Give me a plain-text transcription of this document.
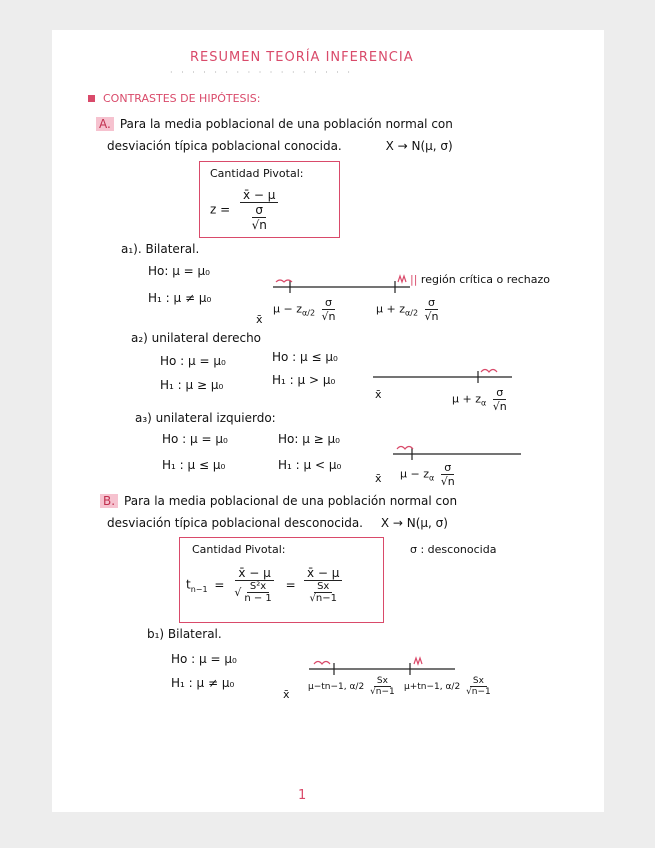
RESUMEN TEORÍA INFERENCIA
· · · · · · · · · · · · · · · · ·
CONTRASTES DE HIPÓTESIS:
A. Para la media poblacional de una población normal con
desviación típica poblacional conocida.	X → N(μ, σ)
Cantidad Pivotal:
$z = \frac{x̄ - \mu}{\frac{\sigma}{√n}}$
a₁). Bilateral.
Ho: μ = μ₀
H₁ : μ ≠ μ₀
|| región crítica o rechazo
$\mu - z_{\alpha/2} \frac{\sigma}{√n}$	$\mu + z_{\alpha/2} \frac{\sigma}{√n}$
x̄
a₂) unilateral derecho
Ho : μ = μ₀
H₁ : μ ≥ μ₀
Ho : μ ≤ μ₀
H₁ : μ > μ₀
x̄	$\mu + z_\alpha \frac{\sigma}{√n}$
a₃) unilateral izquierdo:
Ho : μ = μ₀
H₁ : μ ≤ μ₀
Ho: μ ≥ μ₀
H₁ : μ < μ₀
x̄ $\mu - z_\alpha \frac{\sigma}{√n}$
B. Para la media poblacional de una población normal con
desviación típica poblacional desconocida. X → N(μ, σ)
Cantidad Pivotal:
$t_{n-1} = \frac{x̄ - \mu}{√ \frac{\text{S²x}}{n - 1}} = \frac{x̄ - \mu}{\frac{Sx}{√n-1}}$
σ : desconocida
b₁) Bilateral.
Ho : μ = μ₀
H₁ : μ ≠ μ₀
x̄
μ−tn−1, $\alpha/2 \frac{Sx}{√n-1} \mu+tn-1$, $\alpha/2 \frac{Sx}{√n-1}$
1
